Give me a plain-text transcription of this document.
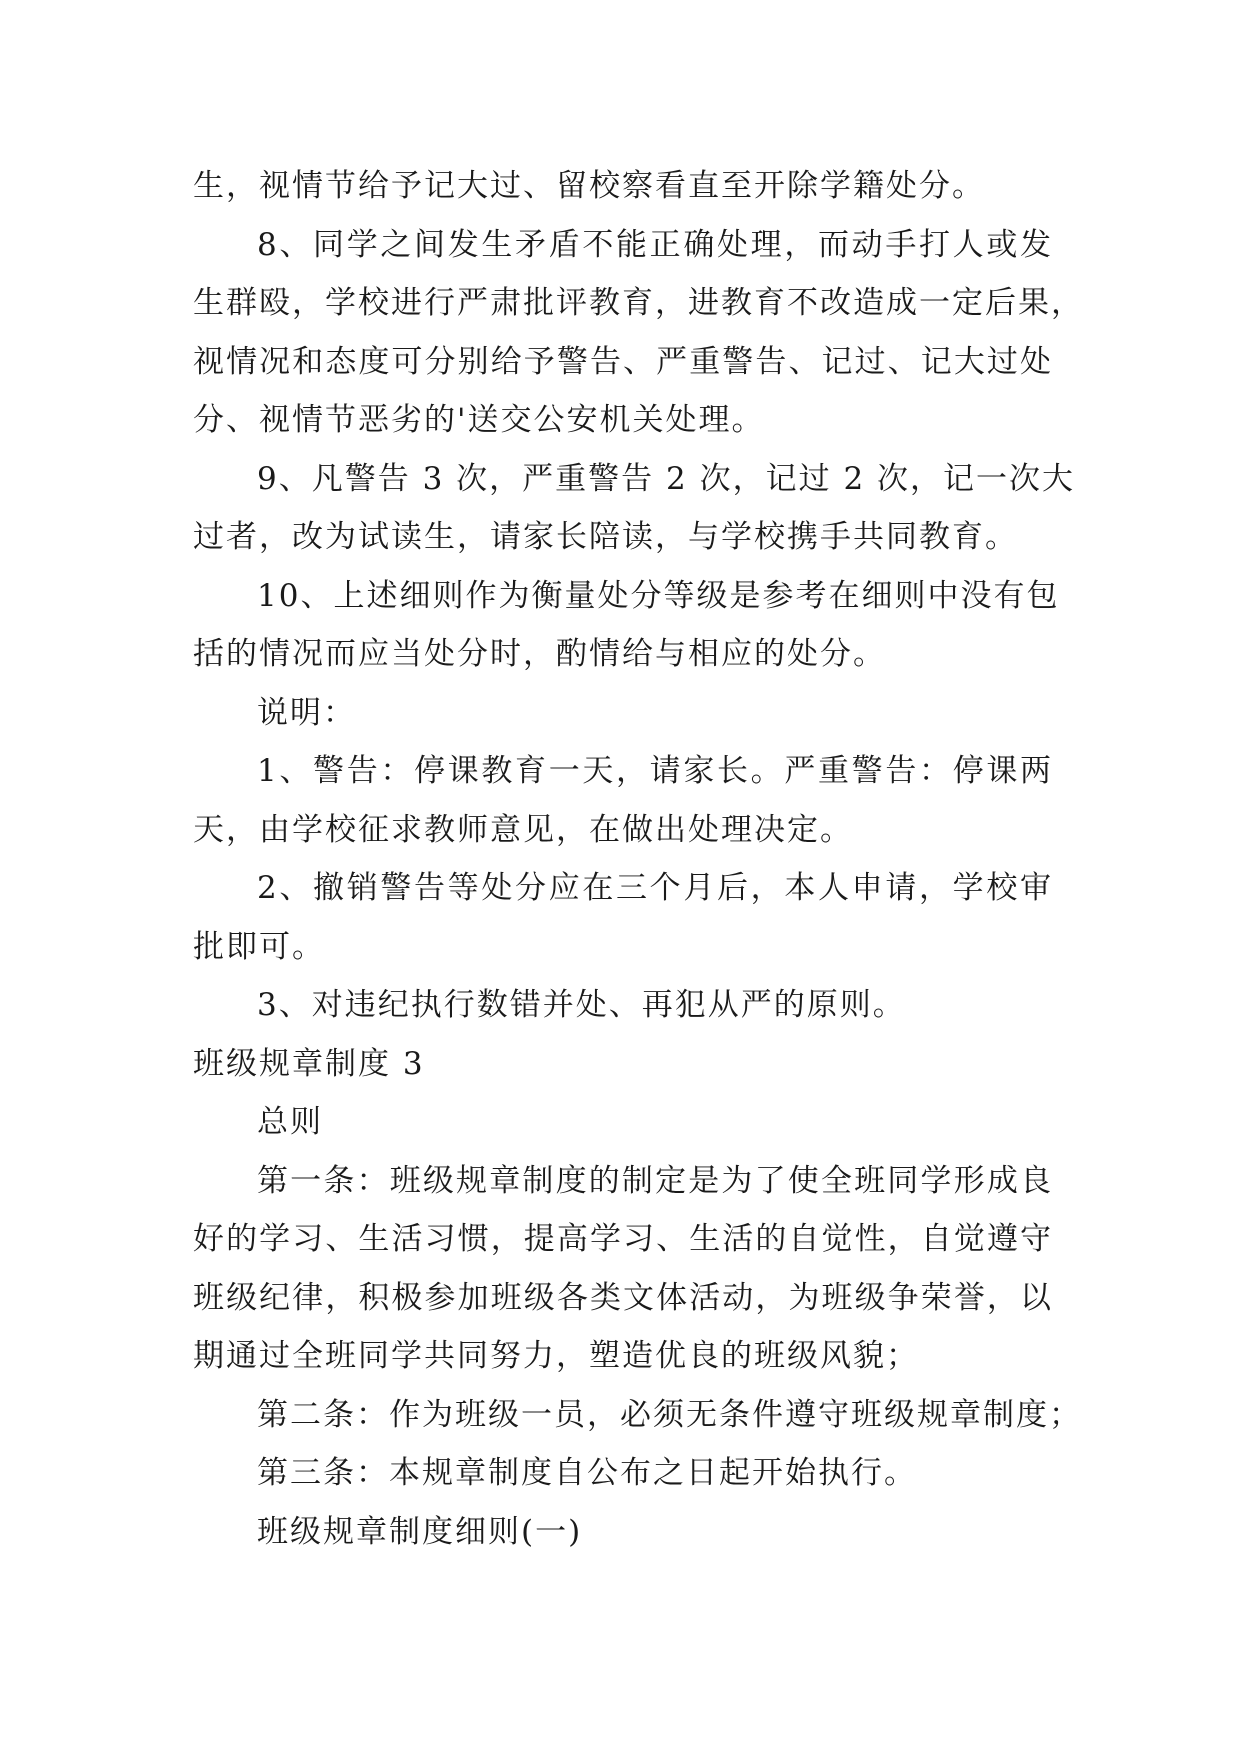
生，视情节给予记大过、留校察看直至开除学籍处分。
8、同学之间发生矛盾不能正确处理，而动手打人或发
生群殴，学校进行严肃批评教育，进教育不改造成一定后果，
视情况和态度可分别给予警告、严重警告、记过、记大过处
分、视情节恶劣的'送交公安机关处理。
9、凡警告 3 次，严重警告 2 次，记过 2 次，记一次大
过者，改为试读生，请家长陪读，与学校携手共同教育。
10、上述细则作为衡量处分等级是参考在细则中没有包
括的情况而应当处分时，酌情给与相应的处分。
说明：
1、警告：停课教育一天，请家长。严重警告：停课两
天，由学校征求教师意见，在做出处理决定。
2、撤销警告等处分应在三个月后，本人申请，学校审
批即可。
3、对违纪执行数错并处、再犯从严的原则。
班级规章制度 3
总则
第一条：班级规章制度的制定是为了使全班同学形成良
好的学习、生活习惯，提高学习、生活的自觉性，自觉遵守
班级纪律，积极参加班级各类文体活动，为班级争荣誉，以
期通过全班同学共同努力，塑造优良的班级风貌；
第二条：作为班级一员，必须无条件遵守班级规章制度；
第三条：本规章制度自公布之日起开始执行。
班级规章制度细则(一)
